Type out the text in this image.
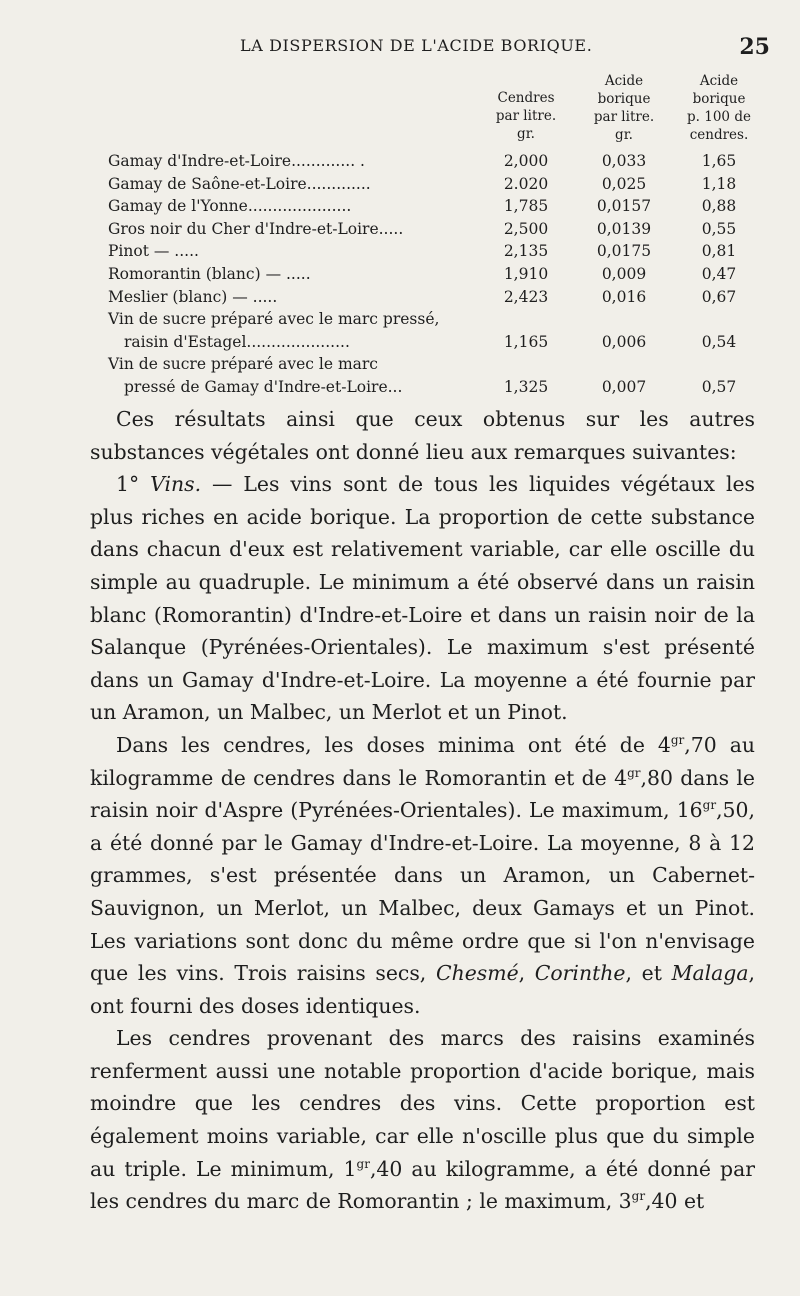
LA DISPERSION DE L'ACIDE BORIQUE.	25
Cendres
par litre.
gr.
Acide
borique
par litre.
gr.
Acide
borique
p. 100 de
cendres.
Gamay d'Indre-et-Loire............. .	2,000	0,033	1,65
Gamay de Saône-et-Loire.............	2.020	0,025	1,18
Gamay de l'Yonne.....................	1,785	0,0157	0,88
Gros noir du Cher d'Indre-et-Loire.....	2,500	0,0139	0,55
Pinot — .....	2,135	0,0175	0,81
Romorantin (blanc) — .....	1,910	0,009	0,47
Meslier (blanc) — .....	2,423	0,016	0,67
Vin de sucre préparé avec le marc pressé,
raisin d'Estagel.....................	1,165	0,006	0,54
Vin de sucre préparé avec le marc
pressé de Gamay d'Indre-et-Loire...	1,325	0,007	0,57

Ces résultats ainsi que ceux obtenus sur les autres substances végétales ont donné lieu aux remarques suivantes:

1° Vins. — Les vins sont de tous les liquides végétaux les plus riches en acide borique. La proportion de cette substance dans chacun d'eux est relativement variable, car elle oscille du simple au quadruple. Le minimum a été observé dans un raisin blanc (Romorantin) d'Indre-et-Loire et dans un raisin noir de la Salanque (Pyrénées-Orientales). Le maximum s'est présenté dans un Gamay d'Indre-et-Loire. La moyenne a été fournie par un Aramon, un Malbec, un Merlot et un Pinot.

Dans les cendres, les doses minima ont été de $4^{gr},70$ au kilogramme de cendres dans le Romorantin et de $4^{gr},80$ dans le raisin noir d'Aspre (Pyrénées-Orientales). Le maximum, $16^{gr},50$, a été donné par le Gamay d'Indre-et-Loire. La moyenne, 8 à 12 grammes, s'est présentée dans un Aramon, un Cabernet-Sauvignon, un Merlot, un Malbec, deux Gamays et un Pinot. Les variations sont donc du même ordre que si l'on n'envisage que les vins. Trois raisins secs, Chesmé, Corinthe, et Malaga, ont fourni des doses identiques.

Les cendres provenant des marcs des raisins examinés renferment aussi une notable proportion d'acide borique, mais moindre que les cendres des vins. Cette proportion est également moins variable, car elle n'oscille plus que du simple au triple. Le minimum, $1^{gr},40$ au kilogramme, a été donné par les cendres du marc de Romorantin ; le maximum, $3^{gr},40$ et
